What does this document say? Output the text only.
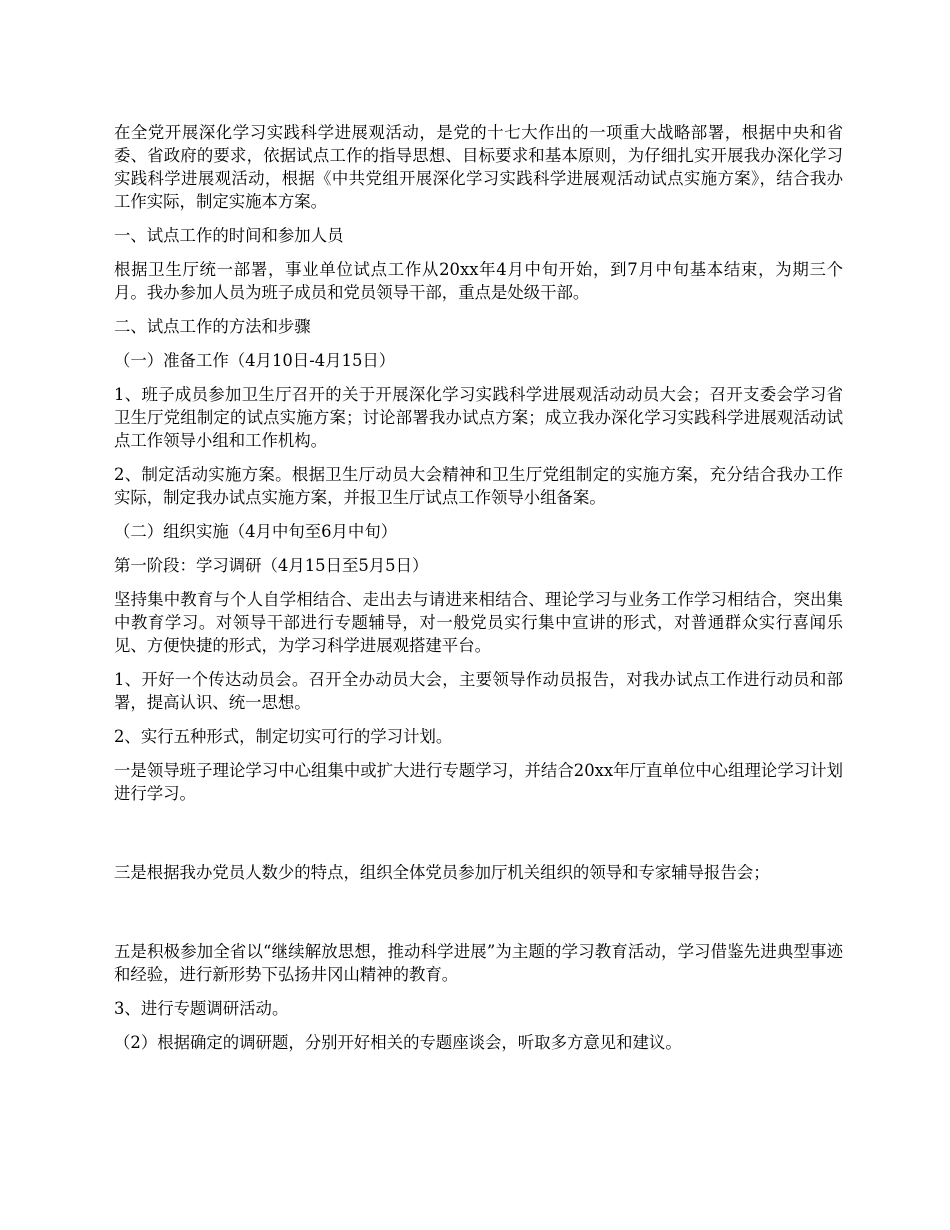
在全党开展深化学习实践科学进展观活动，是党的十七大作出的一项重大战略部署，根据中央和省委、省政府的要求，依据试点工作的指导思想、目标要求和基本原则，为仔细扎实开展我办深化学习实践科学进展观活动，根据《中共党组开展深化学习实践科学进展观活动试点实施方案》，结合我办工作实际，制定实施本方案。

一、试点工作的时间和参加人员

根据卫生厅统一部署，事业单位试点工作从20xx年4月中旬开始，到7月中旬基本结束，为期三个月。我办参加人员为班子成员和党员领导干部，重点是处级干部。

二、试点工作的方法和步骤

（一）准备工作（4月10日-4月15日）

1、班子成员参加卫生厅召开的关于开展深化学习实践科学进展观活动动员大会；召开支委会学习省卫生厅党组制定的试点实施方案；讨论部署我办试点方案；成立我办深化学习实践科学进展观活动试点工作领导小组和工作机构。

2、制定活动实施方案。根据卫生厅动员大会精神和卫生厅党组制定的实施方案，充分结合我办工作实际，制定我办试点实施方案，并报卫生厅试点工作领导小组备案。

（二）组织实施（4月中旬至6月中旬）

第一阶段：学习调研（4月15日至5月5日）

坚持集中教育与个人自学相结合、走出去与请进来相结合、理论学习与业务工作学习相结合，突出集中教育学习。对领导干部进行专题辅导，对一般党员实行集中宣讲的形式，对普通群众实行喜闻乐见、方便快捷的形式，为学习科学进展观搭建平台。

1、开好一个传达动员会。召开全办动员大会，主要领导作动员报告，对我办试点工作进行动员和部署，提高认识、统一思想。

2、实行五种形式，制定切实可行的学习计划。

一是领导班子理论学习中心组集中或扩大进行专题学习，并结合20xx年厅直单位中心组理论学习计划进行学习。

三是根据我办党员人数少的特点，组织全体党员参加厅机关组织的领导和专家辅导报告会；

五是积极参加全省以“继续解放思想，推动科学进展”为主题的学习教育活动，学习借鉴先进典型事迹和经验，进行新形势下弘扬井冈山精神的教育。

3、进行专题调研活动。

（2）根据确定的调研题，分别开好相关的专题座谈会，听取多方意见和建议。
